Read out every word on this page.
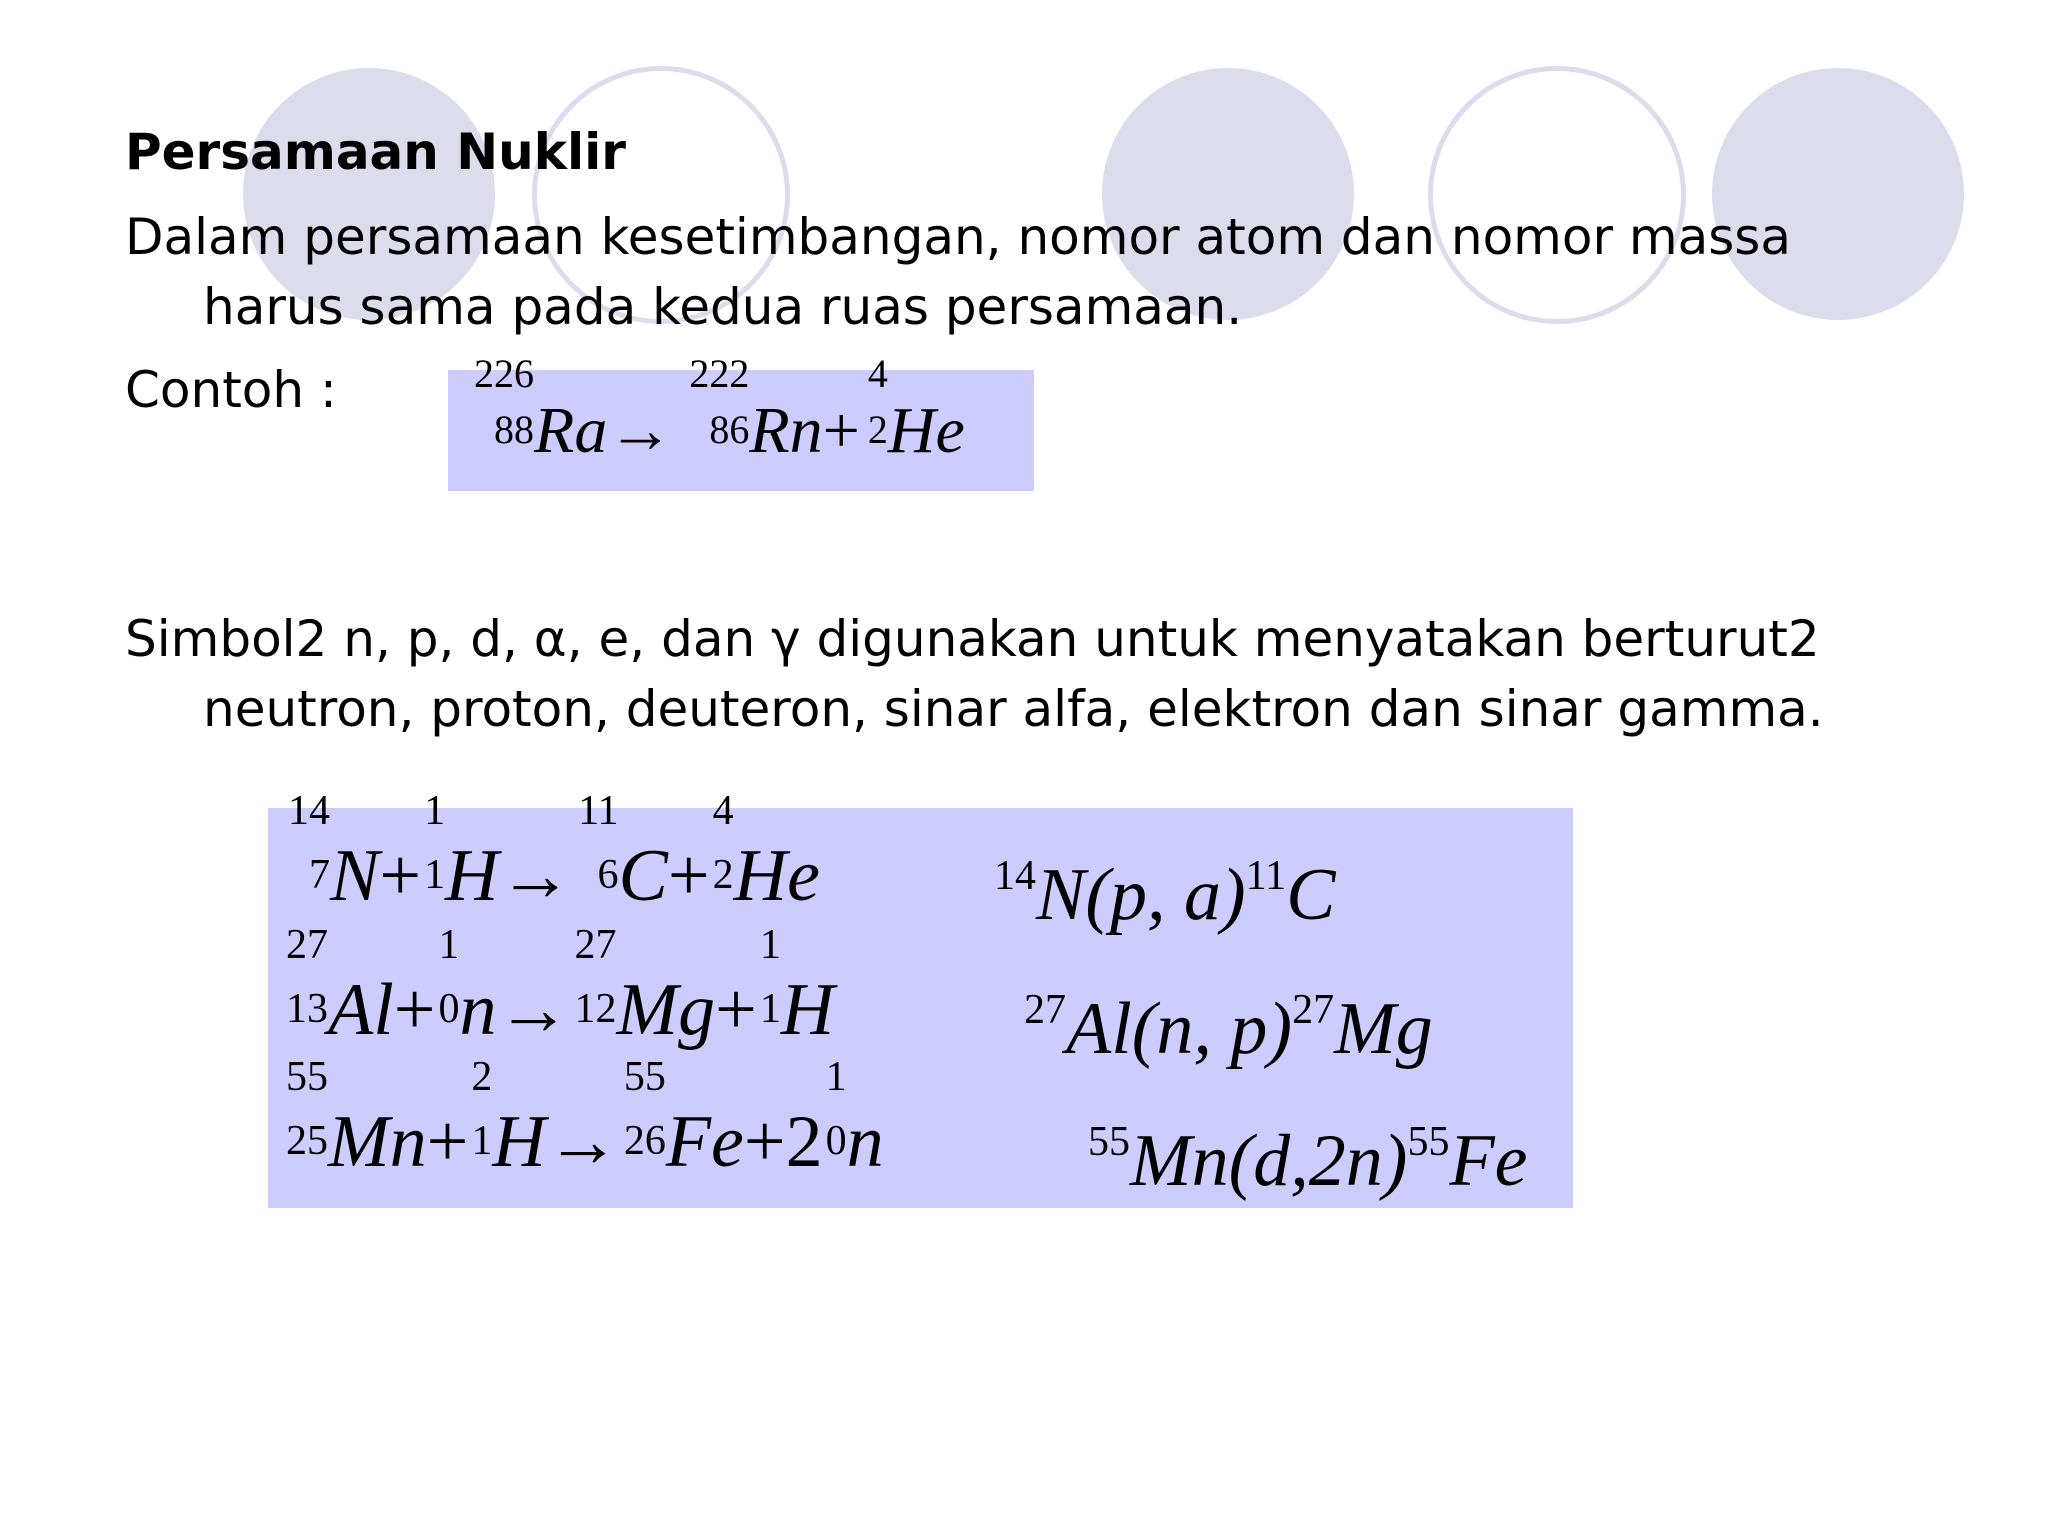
Persamaan Nuklir
Dalam persamaan kesetimbangan, nomor atom dan nomor massa
harus sama pada kedua ruas persamaan.
Contoh :	226
88 Ra→
222
86 Rn+
4
2 He
Simbol2 n, p, d, α, e, dan γ digunakan untuk menyatakan berturut2
neutron, proton, deuteron, sinar alfa, elektron dan sinar gamma.
14
7 N+
1
1 H→
11
6 C+
4
2 He	$^{14}$N(p, a)$^{11}$C
27
13 Al+
1
0 n→
27
12 Mg+
1
1 H	$^{27}$Al(n, p)$^{27}$Mg
55
25 Mn+
2
1 H→
55
26 Fe+2
1
0 n	$^{55}Mn(d,2n)^{55}Fe$
